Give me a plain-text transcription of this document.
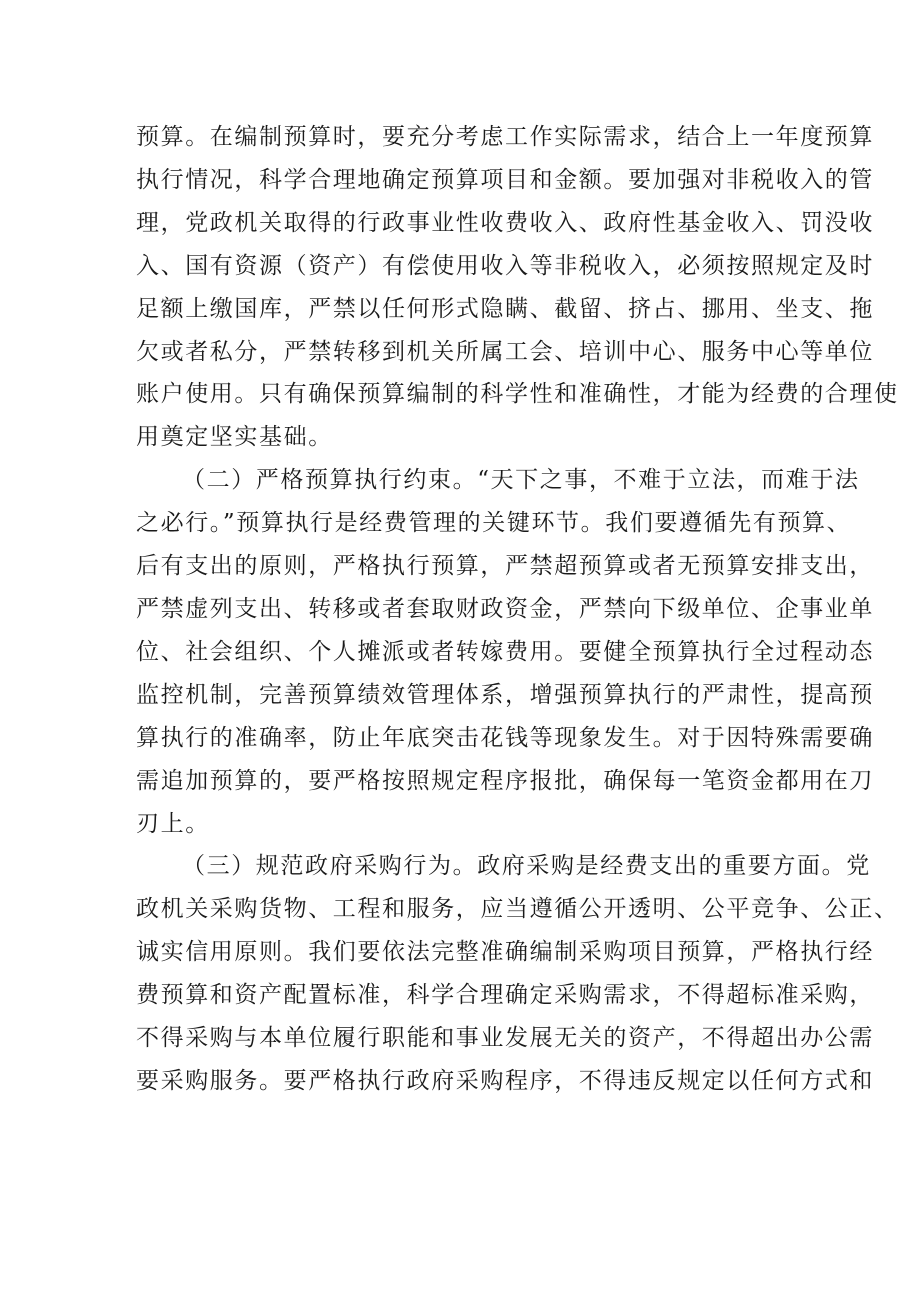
预算。在编制预算时，要充分考虑工作实际需求，结合上一年度预算
执行情况，科学合理地确定预算项目和金额。要加强对非税收入的管
理，党政机关取得的行政事业性收费收入、政府性基金收入、罚没收
入、国有资源（资产）有偿使用收入等非税收入，必须按照规定及时
足额上缴国库，严禁以任何形式隐瞒、截留、挤占、挪用、坐支、拖
欠或者私分，严禁转移到机关所属工会、培训中心、服务中心等单位
账户使用。只有确保预算编制的科学性和准确性，才能为经费的合理使
用奠定坚实基础。

（二）严格预算执行约束。“天下之事，不难于立法，而难于法
之必行。”预算执行是经费管理的关键环节。我们要遵循先有预算、
后有支出的原则，严格执行预算，严禁超预算或者无预算安排支出，
严禁虚列支出、转移或者套取财政资金，严禁向下级单位、企事业单
位、社会组织、个人摊派或者转嫁费用。要健全预算执行全过程动态
监控机制，完善预算绩效管理体系，增强预算执行的严肃性，提高预
算执行的准确率，防止年底突击花钱等现象发生。对于因特殊需要确
需追加预算的，要严格按照规定程序报批，确保每一笔资金都用在刀
刃上。

（三）规范政府采购行为。政府采购是经费支出的重要方面。党
政机关采购货物、工程和服务，应当遵循公开透明、公平竞争、公正、
诚实信用原则。我们要依法完整准确编制采购项目预算，严格执行经
费预算和资产配置标准，科学合理确定采购需求，不得超标准采购，
不得采购与本单位履行职能和事业发展无关的资产，不得超出办公需
要采购服务。要严格执行政府采购程序，不得违反规定以任何方式和
